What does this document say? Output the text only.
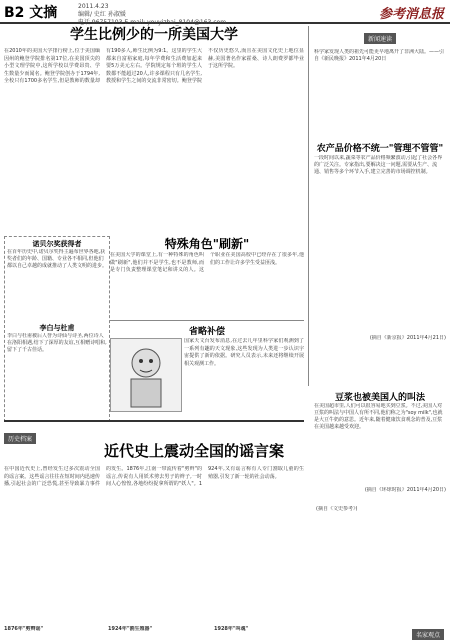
B2 文摘	2011.4.23
编辑/ 史红 孙淑媛
电话 96757103 E-mail: youyizhai_8104@163.com
参考消息报
学生比例少的一所美国大学
在2010年的美国大学排行榜上,位于美国缅因州的鲍登学院排名第17位,在美国顶尖的小型文理学院中,这所学校以学费昂贵、学生数量少而闻名。鲍登学院创办于1794年,全校只有1700多名学生,但是教师的数量却有190多人,师生比例为9:1。这里的学生大都来自富裕家庭,每年学费和生活费加起来要5万美元左右。学院规定每个班的学生人数都不能超过20人,许多课程只有几名学生,教授和学生之间的交流非常密切。鲍登学院不仅历史悠久,而且在美国文化史上地位显赫,美国著名作家霍桑、诗人朗费罗都毕业于这所学院。
诺贝尔奖获得者
在百年历史中,诺贝尔奖得主遍布世界各地,获奖者们的年龄、国籍、专业各不相同,但他们都以自己卓越的成就推动了人类文明的进步。
李白与杜甫
李白与杜甫被后人誉为诗仙与诗圣,两位诗人在洛阳相遇,结下了深厚的友谊,互相赠诗唱和,留下了千古佳话。
特殊角色"刷新"
在美国大学的课堂上,有一种特殊的角色叫做"刷新",他们并不是学生,也不是教师,而是专门负责整理课堂笔记和讲义的人。这个职业在美国高校中已经存在了很多年,他们的工作让许多学生受益匪浅。
省略补偿
国家天文台发布消息,在过去几年里科学家们观测到了一系列有趣的天文现象,这些发现为人类进一步认识宇宙提供了新的依据。研究人员表示,未来还将继续开展相关观测工作。
新闻速读
科学家发现人类的祖先可能更早地离开了非洲大陆。——引自《新民晚报》2011年4月20日
农产品价格不统一"管理不管管"
一段时间以来,蔬菜等农产品价格频繁波动,引起了社会各界的广泛关注。专家指出,要解决这一问题,需要从生产、流通、销售等多个环节入手,建立完善的市场调控机制。
(摘自《新京报》2011年4月21日)
豆浆也被美国人的叫法
在美国超市里,人们可以很容易地买到豆浆。不过,美国人对豆浆的叫法与中国人有所不同,他们称之为"soy milk",也就是大豆牛奶的意思。近年来,随着健康饮食观念的普及,豆浆在美国越来越受欢迎。
(摘自《环球时报》2011年4月20日)
历史档案
近代史上震动全国的谣言案
在中国近代史上,曾经发生过多次震动全国的谣言案。这些谣言往往在短时间内迅速传播,引起社会的广泛恐慌,甚至导致暴力事件的发生。1876年,江南一带流传着"剪辫"的谣言,传说有人用妖术剪去男子的辫子,一时间人心惶惶,各地纷纷捉拿所谓的"妖人"。1924年,又有谣言称有人专门割取儿童的生殖器,引发了新一轮的社会动荡。
1876年"剪辫谣"	1924年"割生殖器"	1928年"叫魂"
(摘自《文史参考》)
名家观点
